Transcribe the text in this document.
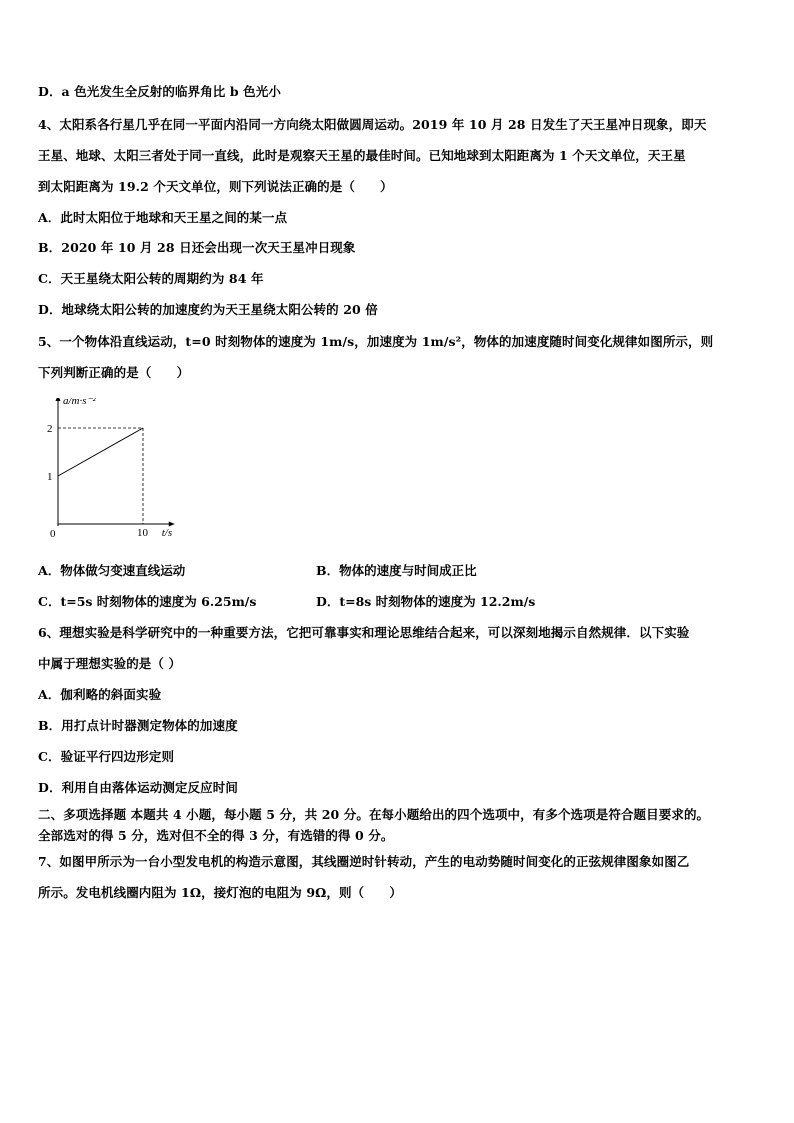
D．a 色光发生全反射的临界角比 b 色光小
4、太阳系各行星几乎在同一平面内沿同一方向绕太阳做圆周运动。2019 年 10 月 28 日发生了天王星冲日现象，即天
王星、地球、太阳三者处于同一直线，此时是观察天王星的最佳时间。已知地球到太阳距离为 1 个天文单位，天王星
到太阳距离为 19.2 个天文单位，则下列说法正确的是（　　）
A．此时太阳位于地球和天王星之间的某一点
B．2020 年 10 月 28 日还会出现一次天王星冲日现象
C．天王星绕太阳公转的周期约为 84 年
D．地球绕太阳公转的加速度约为天王星绕太阳公转的 20 倍
5、一个物体沿直线运动，t=0 时刻物体的速度为 1m/s，加速度为 1m/s²，物体的加速度随时间变化规律如图所示，则
下列判断正确的是（　　）
a/m·s⁻²
t/s
0	10
1
2
A．物体做匀变速直线运动	B．物体的速度与时间成正比
C．t=5s 时刻物体的速度为 6.25m/s	D．t=8s 时刻物体的速度为 12.2m/s
6、理想实验是科学研究中的一种重要方法，它把可靠事实和理论思维结合起来，可以深刻地揭示自然规律．以下实验
中属于理想实验的是（ ）
A．伽利略的斜面实验
B．用打点计时器测定物体的加速度
C．验证平行四边形定则
D．利用自由落体运动测定反应时间
二、多项选择题 本题共 4 小题，每小题 5 分，共 20 分。在每小题给出的四个选项中，有多个选项是符合题目要求的。
全部选对的得 5 分，选对但不全的得 3 分，有选错的得 0 分。
7、如图甲所示为一台小型发电机的构造示意图，其线圈逆时针转动，产生的电动势随时间变化的正弦规律图象如图乙
所示。发电机线圈内阻为 1Ω，接灯泡的电阻为 9Ω，则（　　）
